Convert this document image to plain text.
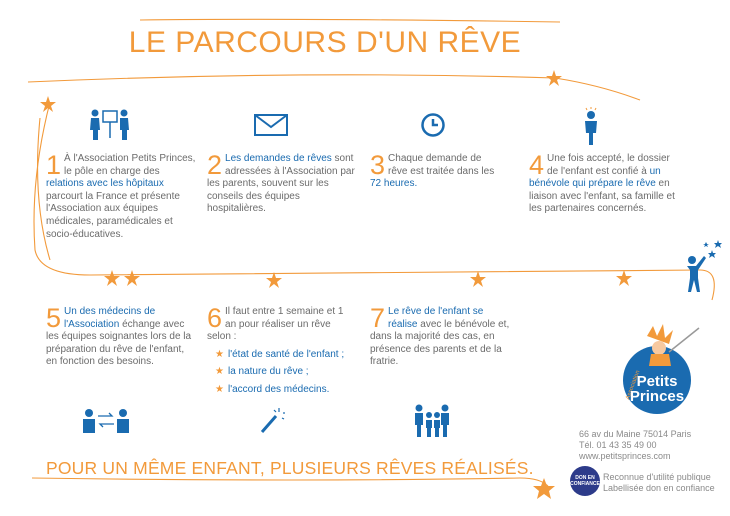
LE PARCOURS D'UN RÊVE
1 À l'Association Petits Princes, le pôle en charge des relations avec les hôpitaux parcourt la France et présente l'Association aux équipes médicales, paramédicales et socio-éducatives.
2 Les demandes de rêves sont adressées à l'Association par les parents, souvent sur les conseils des équipes hospitalières.
3 Chaque demande de rêve est traitée dans les 72 heures.
4 Une fois accepté, le dossier de l'enfant est confié à un bénévole qui prépare le rêve en liaison avec l'enfant, sa famille et les partenaires concernés.
5 Un des médecins de l'Association échange avec les équipes soignantes lors de la préparation du rêve de l'enfant, en fonction des besoins.
6 Il faut entre 1 semaine et 1 an pour réaliser un rêve selon :
★ l'état de santé de l'enfant ;
★ la nature du rêve ;
★ l'accord des médecins.
7 Le rêve de l'enfant se réalise avec le bénévole et, dans la majorité des cas, en présence des parents et de la fratrie.
Association
Petits
Princes
66 av du Maine 75014 Paris
Tél. 01 43 35 49 00
www.petitsprinces.com
DON EN
CONFIANCE
Reconnue d'utilité publique
Labellisée don en confiance
POUR UN MÊME ENFANT, PLUSIEURS RÊVES RÉALISÉS.
